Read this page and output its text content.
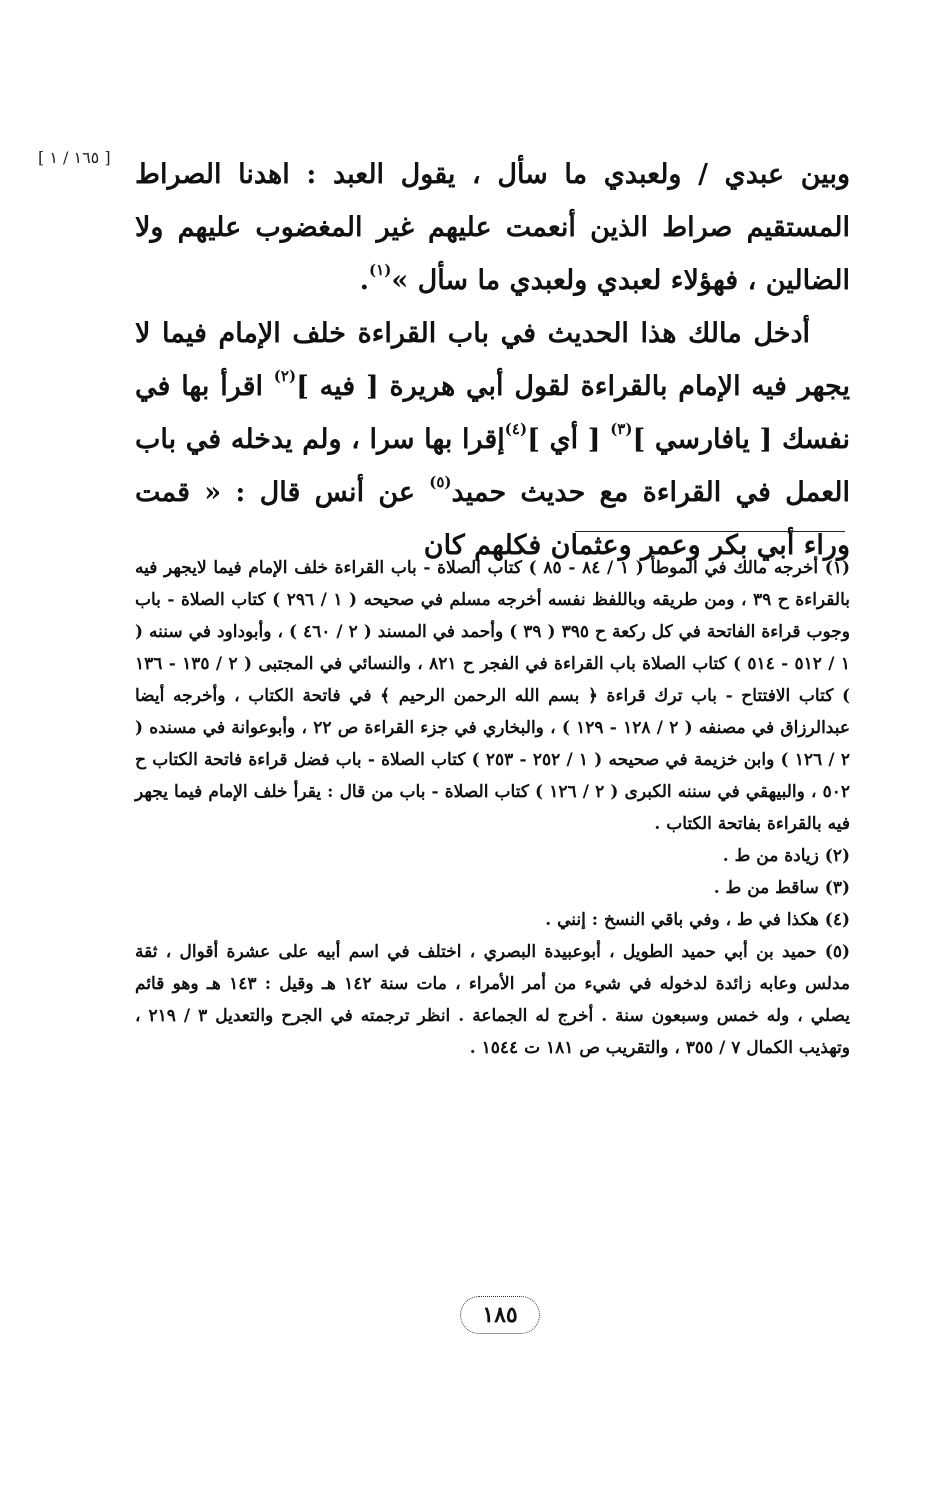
[ ١٦٥ / ١ ]

وبين عبدي / ولعبدي ما سأل ، يقول العبد : اهدنا الصراط المستقيم صراط الذين أنعمت عليهم غير المغضوب عليهم ولا الضالين ، فهؤلاء لعبدي ولعبدي ما سأل »$^{(١)}$.

أدخل مالك هذا الحديث في باب القراءة خلف الإمام فيما لا يجهر فيه الإمام بالقراءة لقول أبي هريرة [ فيه ]$^{(٢)}$ اقرأ بها في نفسك [ يافارسي ]$^{(٣)}$ [ أي ]$^{(٤)}$إقرا بها سرا ، ولم يدخله في باب العمل في القراءة مع حديث حميد$^{(٥)}$ عن أنس قال : « قمت وراء أبي بكر وعمر وعثمان فكلهم كان

(١) أخرجه مالك في الموطأ ( ١ / ٨٤ - ٨٥ ) كتاب الصلاة - باب القراءة خلف الإمام فيما لايجهر فيه بالقراءة ح ٣٩ ، ومن طريقه وباللفظ نفسه أخرجه مسلم في صحيحه ( ١ / ٢٩٦ ) كتاب الصلاة - باب وجوب قراءة الفاتحة في كل ركعة ح ٣٩٥ ( ٣٩ ) وأحمد في المسند ( ٢ / ٤٦٠ ) ، وأبوداود في سننه ( ١ / ٥١٢ - ٥١٤ ) كتاب الصلاة باب القراءة في الفجر ح ٨٢١ ، والنسائي في المجتبى ( ٢ / ١٣٥ - ١٣٦ ) كتاب الافتتاح - باب ترك قراءة ﴿ بسم الله الرحمن الرحيم ﴾ في فاتحة الكتاب ، وأخرجه أيضا عبدالرزاق في مصنفه ( ٢ / ١٢٨ - ١٢٩ ) ، والبخاري في جزء القراءة ص ٢٢ ، وأبوعوانة في مسنده ( ٢ / ١٢٦ ) وابن خزيمة في صحيحه ( ١ / ٢٥٢ - ٢٥٣ ) كتاب الصلاة - باب فضل قراءة فاتحة الكتاب ح ٥٠٢ ، والبيهقي في سننه الكبرى ( ٢ / ١٢٦ ) كتاب الصلاة - باب من قال : يقرأ خلف الإمام فيما يجهر فيه بالقراءة بفاتحة الكتاب .

(٢) زيادة من ط .

(٣) ساقط من ط .

(٤) هكذا في ط ، وفي باقي النسخ : إنني .

(٥) حميد بن أبي حميد الطويل ، أبوعبيدة البصري ، اختلف في اسم أبيه على عشرة أقوال ، ثقة مدلس وعابه زائدة لدخوله في شيء من أمر الأمراء ، مات سنة ١٤٢ هـ وقيل : ١٤٣ هـ وهو قائم يصلي ، وله خمس وسبعون سنة . أخرج له الجماعة . انظر ترجمته في الجرح والتعديل ٣ / ٢١٩ ، وتهذيب الكمال ٧ / ٣٥٥ ، والتقريب ص ١٨١ ت ١٥٤٤ .

١٨٥
